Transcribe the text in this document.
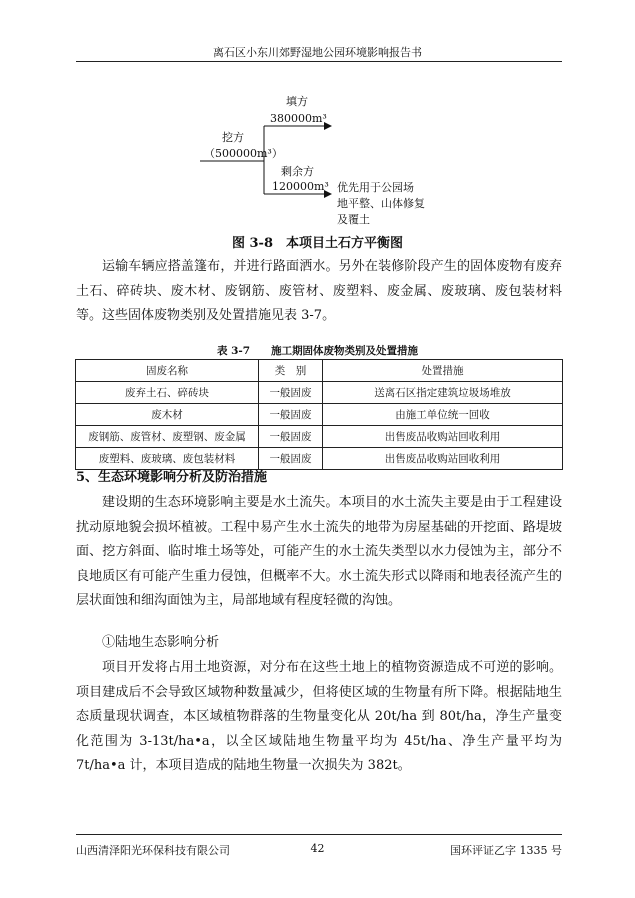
离石区小东川郊野湿地公园环境影响报告书
挖方
（500000m³）
填方
380000m³
剩余方
120000m³ 优先用于公园场
地平整、山体修复
及覆土
图 3-8　本项目土石方平衡图

运输车辆应搭盖篷布，并进行路面洒水。另外在装修阶段产生的固体废物有废弃土石、碎砖块、废木材、废钢筋、废管材、废塑料、废金属、废玻璃、废包装材料等。这些固体废物类别及处置措施见表 3-7。

表 3-7　　施工期固体废物类别及处置措施
固废名称	类　别	处置措施
废弃土石、碎砖块	一般固废	送离石区指定建筑垃圾场堆放
废木材	一般固废	由施工单位统一回收
废钢筋、废管材、废塑钢、废金属	一般固废	出售废品收购站回收利用
废塑料、废玻璃、废包装材料	一般固废	出售废品收购站回收利用
5、生态环境影响分析及防治措施

建设期的生态环境影响主要是水土流失。本项目的水土流失主要是由于工程建设扰动原地貌会损坏植被。工程中易产生水土流失的地带为房屋基础的开挖面、路堤坡面、挖方斜面、临时堆土场等处，可能产生的水土流失类型以水力侵蚀为主，部分不良地质区有可能产生重力侵蚀，但概率不大。水土流失形式以降雨和地表径流产生的层状面蚀和细沟面蚀为主，局部地域有程度轻微的沟蚀。

①陆地生态影响分析

项目开发将占用土地资源，对分布在这些土地上的植物资源造成不可逆的影响。项目建成后不会导致区域物种数量减少，但将使区域的生物量有所下降。根据陆地生态质量现状调查，本区域植物群落的生物量变化从 20t/ha 到 80t/ha，净生产量变化范围为 3-13t/ha•a，以全区域陆地生物量平均为 45t/ha、净生产量平均为 7t/ha•a 计，本项目造成的陆地生物量一次损失为 382t。

山西清泽阳光环保科技有限公司	42	国环评证乙字 1335 号
